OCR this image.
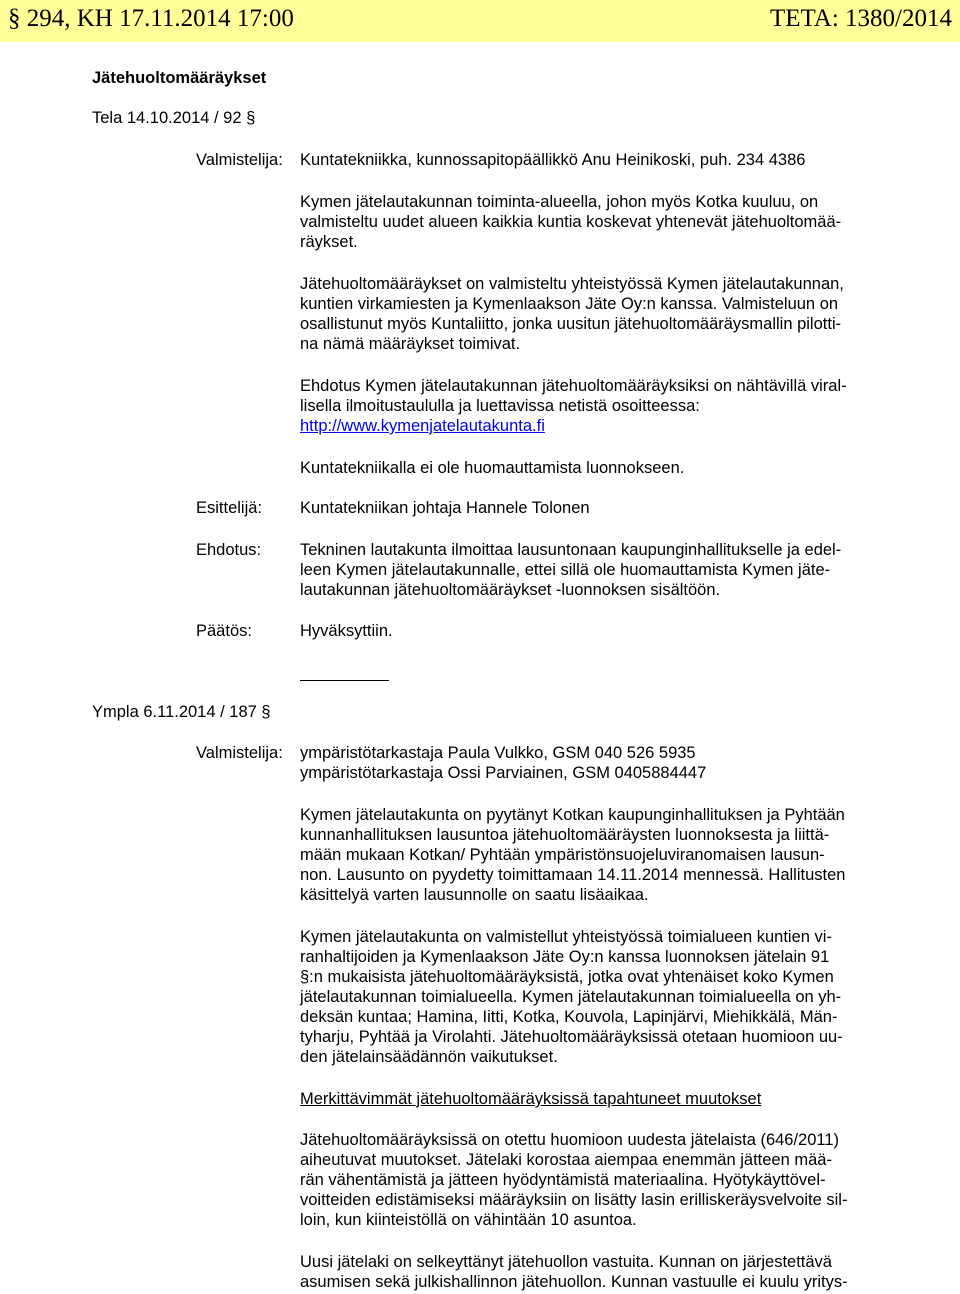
§ 294, KH 17.11.2014 17:00	TETA: 1380/2014
Jätehuoltomääräykset
Tela 14.10.2014 / 92 §
Valmistelija: Kuntatekniikka, kunnossapitopäällikkö Anu Heinikoski, puh. 234 4386
Kymen jätelautakunnan toiminta-alueella, johon myös Kotka kuuluu, on
valmisteltu uudet alueen kaikkia kuntia koskevat yhtenevät jätehuoltomää-
räykset.
Jätehuoltomääräykset on valmisteltu yhteistyössä Kymen jätelautakunnan,
kuntien virkamiesten ja Kymenlaakson Jäte Oy:n kanssa. Valmisteluun on
osallistunut myös Kuntaliitto, jonka uusitun jätehuoltomääräysmallin pilotti-
na nämä määräykset toimivat.
Ehdotus Kymen jätelautakunnan jätehuoltomääräyksiksi on nähtävillä viral-
lisella ilmoitustaululla ja luettavissa netistä osoitteessa:
http://www.kymenjatelautakunta.fi
Kuntatekniikalla ei ole huomauttamista luonnokseen.
Esittelijä: Kuntatekniikan johtaja Hannele Tolonen
Ehdotus: Tekninen lautakunta ilmoittaa lausuntonaan kaupunginhallitukselle ja edel-
leen Kymen jätelautakunnalle, ettei sillä ole huomauttamista Kymen jäte-
lautakunnan jätehuoltomääräykset -luonnoksen sisältöön.
Päätös:	Hyväksyttiin.
Ympla 6.11.2014 / 187 §
Valmistelija: ympäristötarkastaja Paula Vulkko, GSM 040 526 5935
ympäristötarkastaja Ossi Parviainen, GSM 0405884447
Kymen jätelautakunta on pyytänyt Kotkan kaupunginhallituksen ja Pyhtään
kunnanhallituksen lausuntoa jätehuoltomääräysten luonnoksesta ja liittä-
mään mukaan Kotkan/ Pyhtään ympäristönsuojeluviranomaisen lausun-
non. Lausunto on pyydetty toimittamaan 14.11.2014 mennessä. Hallitusten
käsittelyä varten lausunnolle on saatu lisäaikaa.
Kymen jätelautakunta on valmistellut yhteistyössä toimialueen kuntien vi-
ranhaltijoiden ja Kymenlaakson Jäte Oy:n kanssa luonnoksen jätelain 91
§:n mukaisista jätehuoltomääräyksistä, jotka ovat yhtenäiset koko Kymen
jätelautakunnan toimialueella. Kymen jätelautakunnan toimialueella on yh-
deksän kuntaa; Hamina, Iitti, Kotka, Kouvola, Lapinjärvi, Miehikkälä, Män-
tyharju, Pyhtää ja Virolahti. Jätehuoltomääräyksissä otetaan huomioon uu-
den jätelainsäädännön vaikutukset.
Merkittävimmät jätehuoltomääräyksissä tapahtuneet muutokset
Jätehuoltomääräyksissä on otettu huomioon uudesta jätelaista (646/2011)
aiheutuvat muutokset. Jätelaki korostaa aiempaa enemmän jätteen mää-
rän vähentämistä ja jätteen hyödyntämistä materiaalina. Hyötykäyttövel-
voitteiden edistämiseksi määräyksiin on lisätty lasin erilliskeräysvelvoite sil-
loin, kun kiinteistöllä on vähintään 10 asuntoa.
Uusi jätelaki on selkeyttänyt jätehuollon vastuita. Kunnan on järjestettävä
asumisen sekä julkishallinnon jätehuollon. Kunnan vastuulle ei kuulu yritys-
